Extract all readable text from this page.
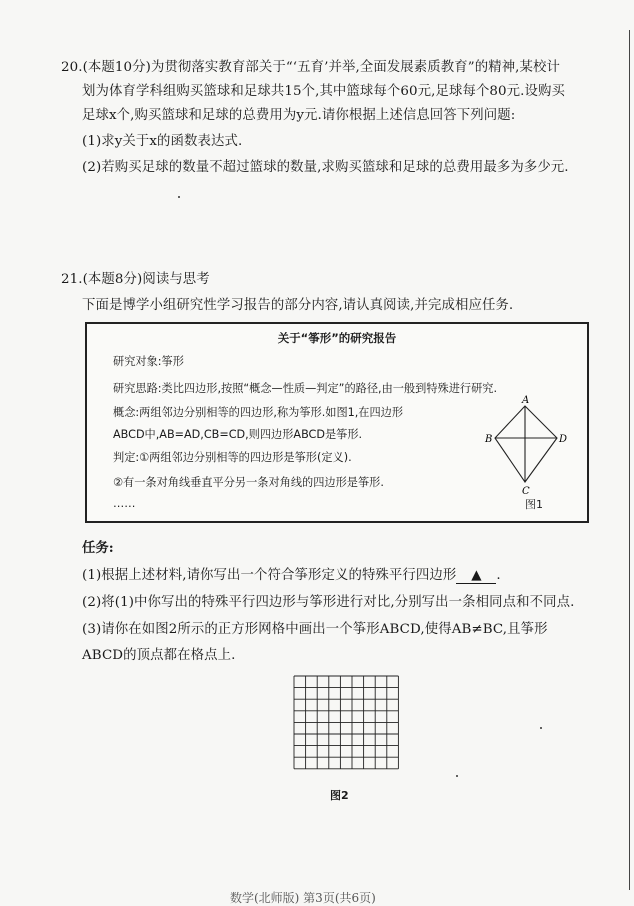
20.(本题10分)为贯彻落实教育部关于“‘五育’并举,全面发展素质教育”的精神,某校计
划为体育学科组购买篮球和足球共15个,其中篮球每个60元,足球每个80元.设购买
足球x个,购买篮球和足球的总费用为y元.请你根据上述信息回答下列问题:
(1)求y关于x的函数表达式.
(2)若购买足球的数量不超过篮球的数量,求购买篮球和足球的总费用最多为多少元.
21.(本题8分)阅读与思考
下面是博学小组研究性学习报告的部分内容,请认真阅读,并完成相应任务.
关于“筝形”的研究报告
研究对象:筝形
研究思路:类比四边形,按照“概念—性质—判定”的路径,由一般到特殊进行研究.
概念:两组邻边分别相等的四边形,称为筝形.如图1,在四边形
ABCD中,AB=AD,CB=CD,则四边形ABCD是筝形.
判定:①两组邻边分别相等的四边形是筝形(定义).
②有一条对角线垂直平分另一条对角线的四边形是筝形.
……
A
B
C
D
图1
任务:
(1)根据上述材料,请你写出一个符合筝形定义的特殊平行四边形 ▲ .
(2)将(1)中你写出的特殊平行四边形与筝形进行对比,分别写出一条相同点和不同点.
(3)请你在如图2所示的正方形网格中画出一个筝形ABCD,使得AB≠BC,且筝形
ABCD的顶点都在格点上.
图2
数学(北师版) 第3页(共6页)
